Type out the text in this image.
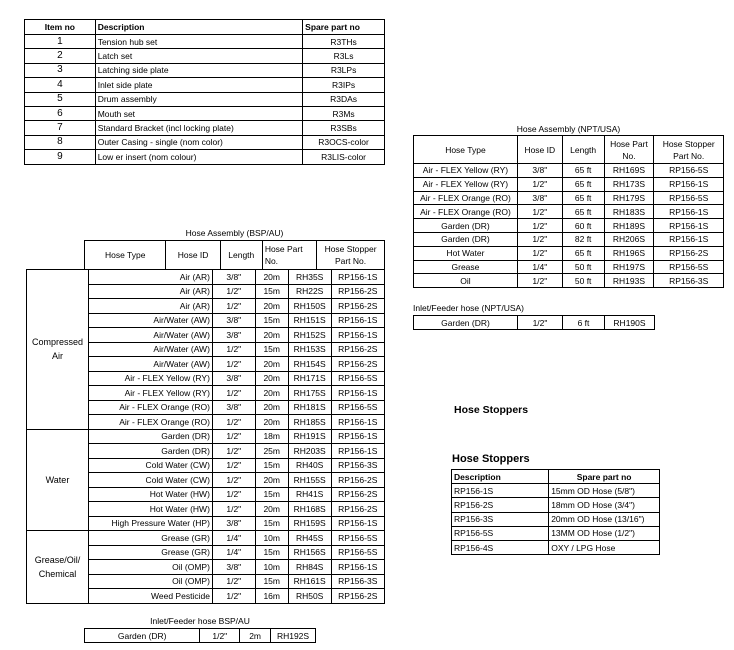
Item no	Description	Spare part no
1	Tension hub set	R3THs
2	Latch set	R3Ls
3	Latching side plate	R3LPs
4	Inlet side plate	R3IPs
5	Drum assembly	R3DAs
6	Mouth set	R3Ms
7	Standard Bracket (incl locking plate)	R3SBs
8	Outer Casing - single (nom color)	R3OCS-color
9	Low er insert (nom colour)	R3LIS-color
Hose Assembly (BSP/AU)
Hose Type	Hose ID	Length	Hose Part No.	Hose Stopper Part No.
Compressed Air	Air (AR)	3/8"	20m	RH35S	RP156-1S
	Air (AR)	1/2"	15m	RH22S	RP156-2S
	Air (AR)	1/2"	20m	RH150S	RP156-2S
	Air/Water (AW)	3/8"	15m	RH151S	RP156-1S
	Air/Water (AW)	3/8"	20m	RH152S	RP156-1S
	Air/Water (AW)	1/2"	15m	RH153S	RP156-2S
	Air/Water (AW)	1/2"	20m	RH154S	RP156-2S
	Air - FLEX Yellow (RY)	3/8"	20m	RH171S	RP156-5S
	Air - FLEX Yellow (RY)	1/2"	20m	RH175S	RP156-1S
	Air - FLEX Orange (RO)	3/8"	20m	RH181S	RP156-5S
	Air - FLEX Orange (RO)	1/2"	20m	RH185S	RP156-1S
Water	Garden (DR)	1/2"	18m	RH191S	RP156-1S
	Garden (DR)	1/2"	25m	RH203S	RP156-1S
	Cold Water (CW)	1/2"	15m	RH40S	RP156-3S
	Cold Water (CW)	1/2"	20m	RH155S	RP156-2S
	Hot Water (HW)	1/2"	15m	RH41S	RP156-2S
	Hot Water (HW)	1/2"	20m	RH168S	RP156-2S
	High Pressure Water (HP)	3/8"	15m	RH159S	RP156-1S
Grease/Oil/ Chemical	Grease (GR)	1/4"	10m	RH45S	RP156-5S
	Grease (GR)	1/4"	15m	RH156S	RP156-5S
	Oil (OMP)	3/8"	10m	RH84S	RP156-1S
	Oil (OMP)	1/2"	15m	RH161S	RP156-3S
	Weed Pesticide	1/2"	16m	RH50S	RP156-2S
Hose Assembly (NPT/USA)
Hose Type	Hose ID	Length	Hose Part No.	Hose Stopper Part No.
Air - FLEX Yellow (RY)	3/8"	65 ft	RH169S	RP156-5S
Air - FLEX Yellow (RY)	1/2"	65 ft	RH173S	RP156-1S
Air - FLEX Orange (RO)	3/8"	65 ft	RH179S	RP156-5S
Air - FLEX Orange (RO)	1/2"	65 ft	RH183S	RP156-1S
Garden (DR)	1/2"	60 ft	RH189S	RP156-1S
Garden (DR)	1/2"	82 ft	RH206S	RP156-1S
Hot Water	1/2"	65 ft	RH196S	RP156-2S
Grease	1/4"	50 ft	RH197S	RP156-5S
Oil	1/2"	50 ft	RH193S	RP156-3S
Inlet/Feeder hose (NPT/USA)
Garden (DR)	1/2"	6 ft	RH190S
Hose Stoppers
Hose Stoppers
Description	Spare part no
RP156-1S	15mm OD Hose (5/8")
RP156-2S	18mm OD Hose (3/4")
RP156-3S	20mm OD Hose (13/16")
RP156-5S	13MM OD Hose (1/2")
RP156-4S	OXY / LPG Hose
Inlet/Feeder hose BSP/AU
Garden (DR)	1/2"	2m	RH192S
